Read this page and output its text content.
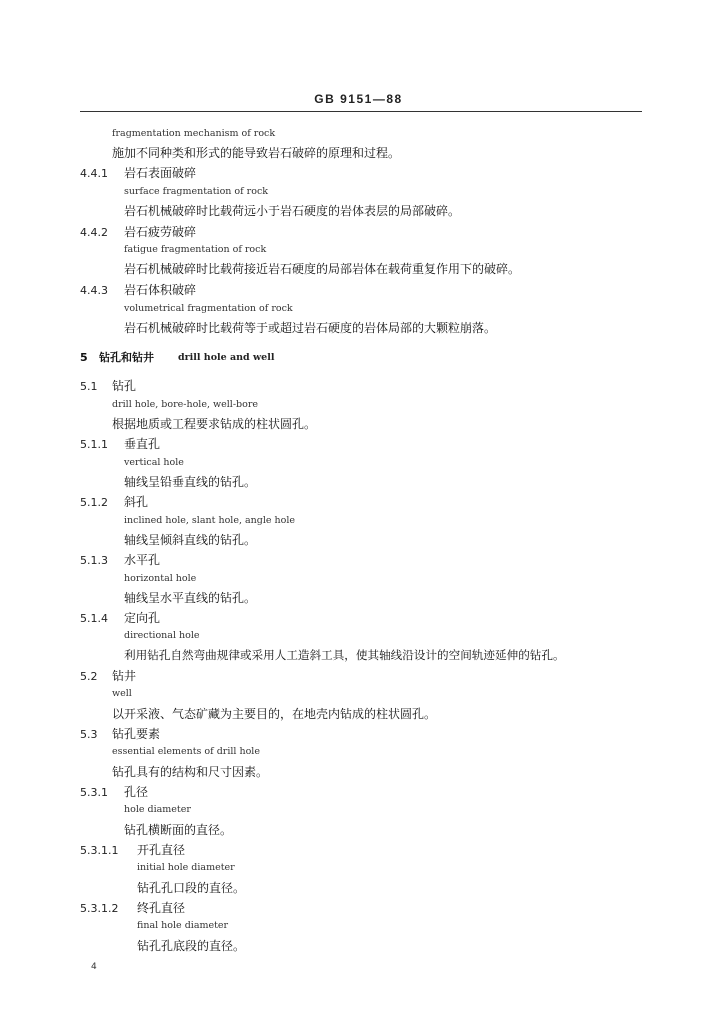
GB 9151—88
fragmentation mechanism of rock
施加不同种类和形式的能导致岩石破碎的原理和过程。
4.4.1 岩石表面破碎
surface fragmentation of rock
岩石机械破碎时比载荷远小于岩石硬度的岩体表层的局部破碎。
4.4.2 岩石疲劳破碎
fatigue fragmentation of rock
岩石机械破碎时比载荷接近岩石硬度的局部岩体在载荷重复作用下的破碎。
4.4.3 岩石体积破碎
volumetrical fragmentation of rock
岩石机械破碎时比载荷等于或超过岩石硬度的岩体局部的大颗粒崩落。
5 钻孔和钻井	drill hole and well
5.1 钻孔
drill hole, bore-hole, well-bore
根据地质或工程要求钻成的柱状圆孔。
5.1.1 垂直孔
vertical hole
轴线呈铅垂直线的钻孔。
5.1.2 斜孔
inclined hole, slant hole, angle hole
轴线呈倾斜直线的钻孔。
5.1.3 水平孔
horizontal hole
轴线呈水平直线的钻孔。
5.1.4 定向孔
directional hole
利用钻孔自然弯曲规律或采用人工造斜工具，使其轴线沿设计的空间轨迹延伸的钻孔。
5.2 钻井
well
以开采液、气态矿藏为主要目的，在地壳内钻成的柱状圆孔。
5.3 钻孔要素
essential elements of drill hole
钻孔具有的结构和尺寸因素。
5.3.1 孔径
hole diameter
钻孔横断面的直径。
5.3.1.1 开孔直径
initial hole diameter
钻孔孔口段的直径。
5.3.1.2 终孔直径
final hole diameter
钻孔孔底段的直径。
4
